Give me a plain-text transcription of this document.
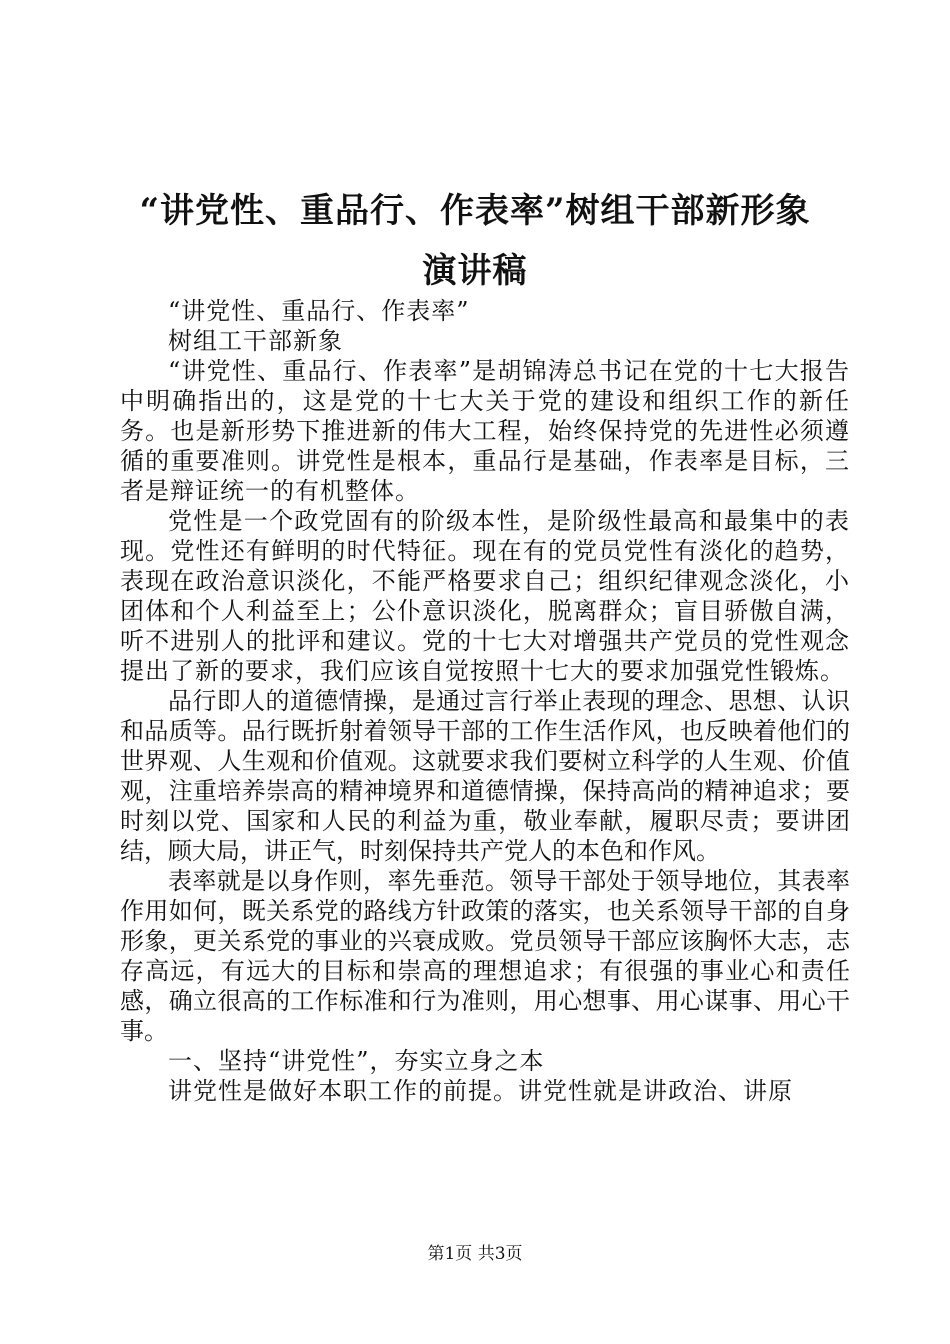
“讲党性、重品行、作表率”树组干部新形象
演讲稿

“讲党性、重品行、作表率”

树组工干部新象

“讲党性、重品行、作表率”是胡锦涛总书记在党的十七大报告中明确指出的，这是党的十七大关于党的建设和组织工作的新任务。也是新形势下推进新的伟大工程，始终保持党的先进性必须遵循的重要准则。讲党性是根本，重品行是基础，作表率是目标，三者是辩证统一的有机整体。

党性是一个政党固有的阶级本性，是阶级性最高和最集中的表现。党性还有鲜明的时代特征。现在有的党员党性有淡化的趋势，表现在政治意识淡化，不能严格要求自己；组织纪律观念淡化，小团体和个人利益至上；公仆意识淡化，脱离群众；盲目骄傲自满，听不进别人的批评和建议。党的十七大对增强共产党员的党性观念提出了新的要求，我们应该自觉按照十七大的要求加强党性锻炼。

品行即人的道德情操，是通过言行举止表现的理念、思想、认识和品质等。品行既折射着领导干部的工作生活作风，也反映着他们的世界观、人生观和价值观。这就要求我们要树立科学的人生观、价值观，注重培养崇高的精神境界和道德情操，保持高尚的精神追求；要时刻以党、国家和人民的利益为重，敬业奉献，履职尽责；要讲团结，顾大局，讲正气，时刻保持共产党人的本色和作风。

表率就是以身作则，率先垂范。领导干部处于领导地位，其表率作用如何，既关系党的路线方针政策的落实，也关系领导干部的自身形象，更关系党的事业的兴衰成败。党员领导干部应该胸怀大志，志存高远，有远大的目标和崇高的理想追求；有很强的事业心和责任感，确立很高的工作标准和行为准则，用心想事、用心谋事、用心干事。

一、坚持“讲党性”，夯实立身之本

讲党性是做好本职工作的前提。讲党性就是讲政治、讲原

第1页 共3页
